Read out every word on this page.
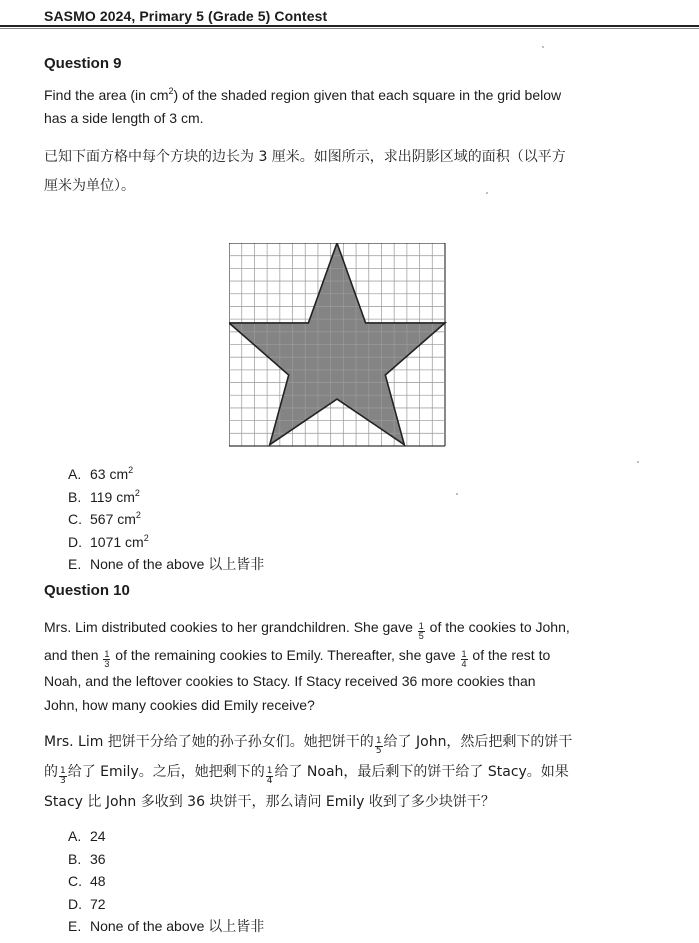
SASMO 2024, Primary 5 (Grade 5) Contest
Question 9
Find the area (in $cm^2$) of the shaded region given that each square in the grid below
has a side length of 3 cm.
已知下面方格中每个方块的边长为 3 厘米。如图所示，求出阴影区域的面积（以平方
厘米为单位）。
A. 63 $cm^2$
B. 119 $cm^2$
C. 567 $cm^2$
D. 1071 $cm^2$
E. None of the above 以上皆非
Question 10
Mrs. Lim distributed cookies to her grandchildren. She gave $\frac{1}{5}$ of the cookies to John,
and then $\frac{1}{3}$ of the remaining cookies to Emily. Thereafter, she gave $\frac{1}{4}$ of the rest to
Noah, and the leftover cookies to Stacy. If Stacy received 36 more cookies than
John, how many cookies did Emily receive?
Mrs. Lim 把饼干分给了她的孙子孙女们。她把饼干的 $\frac{1}{5}$ 给了 John，然后把剩下的饼干
的 $\frac{1}{3}$ 给了 Emily。之后，她把剩下的 $\frac{1}{4}$ 给了 Noah，最后剩下的饼干给了 Stacy。如果
Stacy 比 John 多收到 36 块饼干，那么请问 Emily 收到了多少块饼干？
A. 24
B. 36
C. 48
D. 72
E. None of the above 以上皆非
